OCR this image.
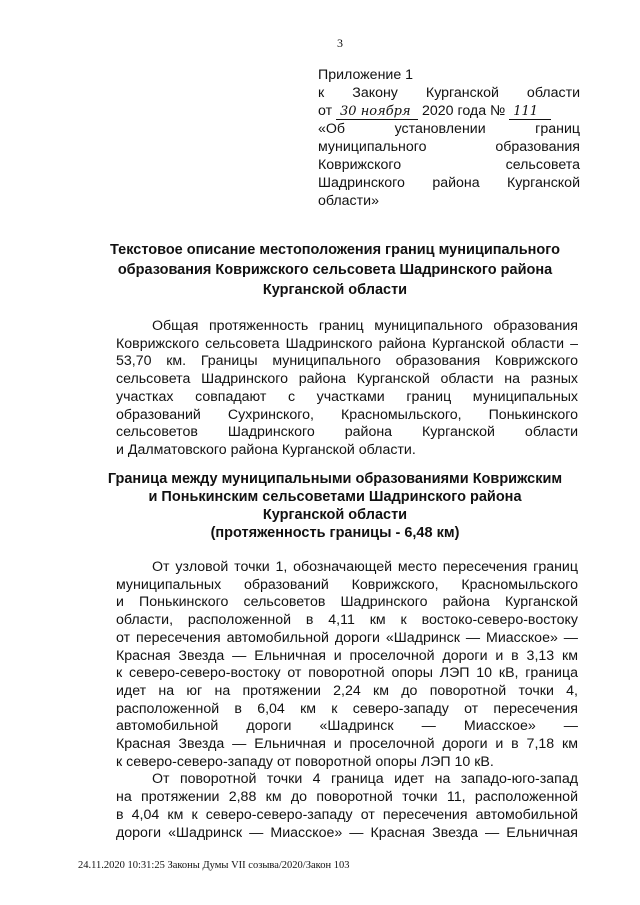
3
Приложение 1
к Закону Курганской области
от 30 ноября 2020 года № 111
«Об установлении границ
муниципального образования
Коврижского сельсовета
Шадринского района Курганской
области»
Текстовое описание местоположения границ муниципального
образования Коврижского сельсовета Шадринского района
Курганской области
Общая протяженность границ муниципального образования
Коврижского сельсовета Шадринского района Курганской области –
53,70 км. Границы муниципального образования Коврижского
сельсовета Шадринского района Курганской области на разных
участках совпадают с участками границ муниципальных
образований Сухринского, Красномыльского, Понькинского
сельсоветов Шадринского района Курганской области
и Далматовского района Курганской области.
Граница между муниципальными образованиями Коврижским
и Понькинским сельсоветами Шадринского района
Курганской области
(протяженность границы - 6,48 км)
От узловой точки 1, обозначающей место пересечения границ
муниципальных образований Коврижского, Красномыльского
и Понькинского сельсоветов Шадринского района Курганской
области, расположенной в 4,11 км к востоко-северо-востоку
от пересечения автомобильной дороги «Шадринск — Миасское» —
Красная Звезда — Ельничная и проселочной дороги и в 3,13 км
к северо-северо-востоку от поворотной опоры ЛЭП 10 кВ, граница
идет на юг на протяжении 2,24 км до поворотной точки 4,
расположенной в 6,04 км к северо-западу от пересечения
автомобильной дороги «Шадринск — Миасское» —
Красная Звезда — Ельничная и проселочной дороги и в 7,18 км
к северо-северо-западу от поворотной опоры ЛЭП 10 кВ.
От поворотной точки 4 граница идет на западо-юго-запад
на протяжении 2,88 км до поворотной точки 11, расположенной
в 4,04 км к северо-северо-западу от пересечения автомобильной
дороги «Шадринск — Миасское» — Красная Звезда — Ельничная
24.11.2020 10:31:25 Законы Думы VII созыва/2020/Закон 103
